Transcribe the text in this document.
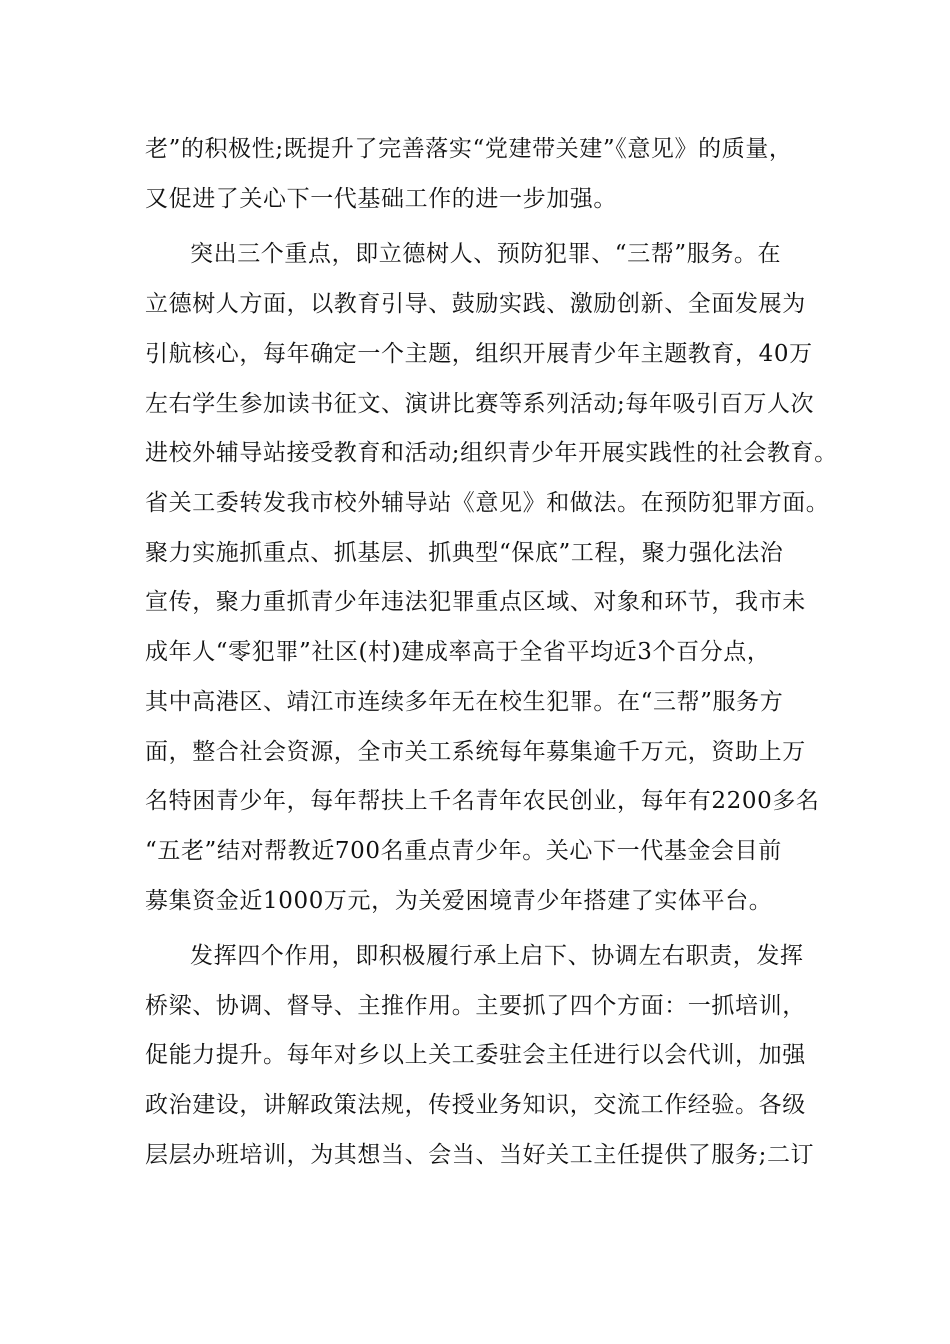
老”的积极性;既提升了完善落实“党建带关建”《意见》的质量，
又促进了关心下一代基础工作的进一步加强。
突出三个重点，即立德树人、预防犯罪、“三帮”服务。在
立德树人方面，以教育引导、鼓励实践、激励创新、全面发展为
引航核心，每年确定一个主题，组织开展青少年主题教育，40万
左右学生参加读书征文、演讲比赛等系列活动;每年吸引百万人次
进校外辅导站接受教育和活动;组织青少年开展实践性的社会教育。
省关工委转发我市校外辅导站《意见》和做法。在预防犯罪方面。
聚力实施抓重点、抓基层、抓典型“保底”工程，聚力强化法治
宣传，聚力重抓青少年违法犯罪重点区域、对象和环节，我市未
成年人“零犯罪”社区(村)建成率高于全省平均近3个百分点，
其中高港区、靖江市连续多年无在校生犯罪。在“三帮”服务方
面，整合社会资源，全市关工系统每年募集逾千万元，资助上万
名特困青少年，每年帮扶上千名青年农民创业，每年有2200多名
“五老”结对帮教近700名重点青少年。关心下一代基金会目前
募集资金近1000万元，为关爱困境青少年搭建了实体平台。
发挥四个作用，即积极履行承上启下、协调左右职责，发挥
桥梁、协调、督导、主推作用。主要抓了四个方面：一抓培训，
促能力提升。每年对乡以上关工委驻会主任进行以会代训，加强
政治建设，讲解政策法规，传授业务知识，交流工作经验。各级
层层办班培训，为其想当、会当、当好关工主任提供了服务;二订
